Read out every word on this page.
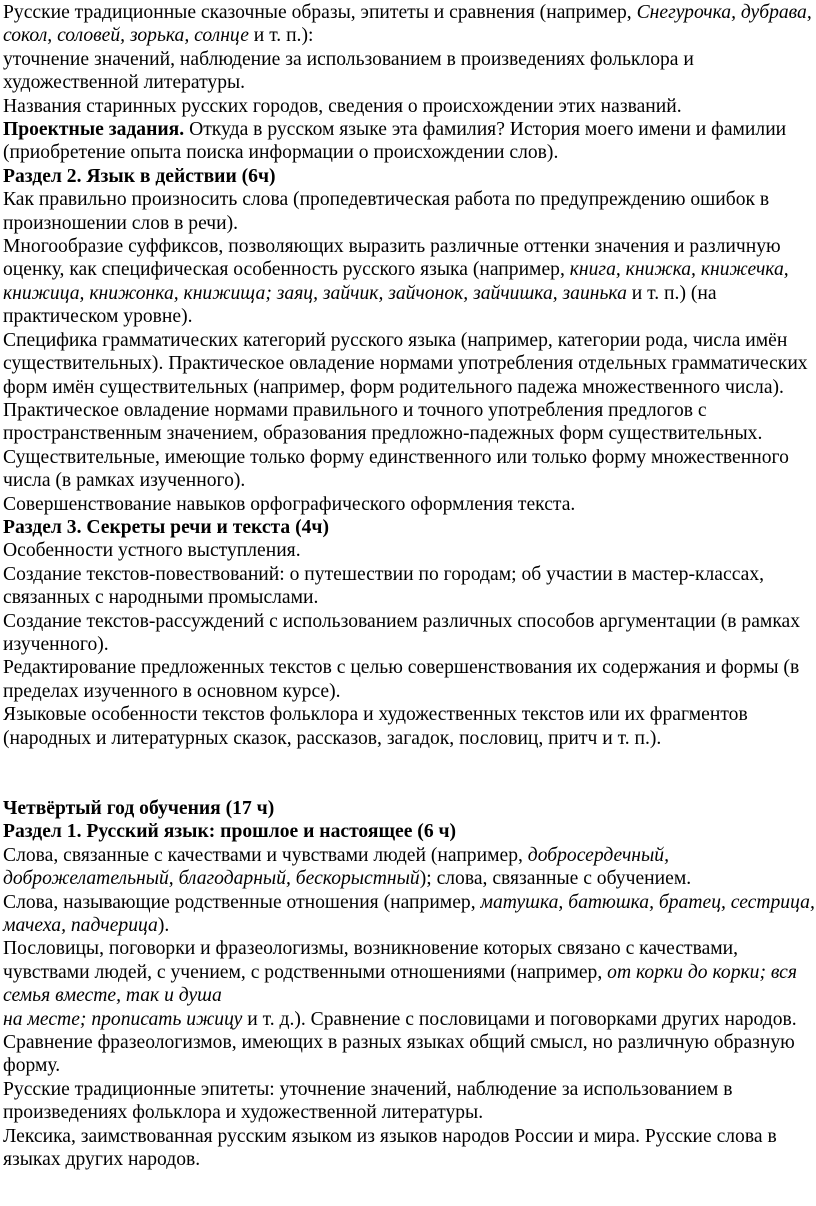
Русские традиционные сказочные образы, эпитеты и сравнения (например, Снегурочка, дубрава, сокол, соловей, зорька, солнце и т. п.):

уточнение значений, наблюдение за использованием в произведениях фольклора и художественной литературы.

Названия старинных русских городов, сведения о происхождении этих названий.

Проектные задания. Откуда в русском языке эта фамилия? История моего имени и фамилии (приобретение опыта поиска информации о происхождении слов).

Раздел 2. Язык в действии (6ч)

Как правильно произносить слова (пропедевтическая работа по предупреждению ошибок в произношении слов в речи).

Многообразие суффиксов, позволяющих выразить различные оттенки значения и различную оценку, как специфическая особенность русского языка (например, книга, книжка, книжечка, книжица, книжонка, книжища; заяц, зайчик, зайчонок, зайчишка, заинька и т. п.) (на практическом уровне).

Специфика грамматических категорий русского языка (например, категории рода, числа имён существительных). Практическое овладение нормами употребления отдельных грамматических форм имён существительных (например, форм родительного падежа множественного числа). Практическое овладение нормами правильного и точного употребления предлогов с пространственным значением, образования предложно-падежных форм существительных. Существительные, имеющие только форму единственного или только форму множественного числа (в рамках изученного).

Совершенствование навыков орфографического оформления текста.

Раздел 3. Секреты речи и текста (4ч)

Особенности устного выступления.

Создание текстов-повествований: о путешествии по городам; об участии в мастер-классах, связанных с народными промыслами.

Создание текстов-рассуждений с использованием различных способов аргументации (в рамках изученного).

Редактирование предложенных текстов с целью совершенствования их содержания и формы (в пределах изученного в основном курсе).

Языковые особенности текстов фольклора и художественных текстов или их фрагментов (народных и литературных сказок, рассказов, загадок, пословиц, притч и т. п.).

Четвёртый год обучения (17 ч)

Раздел 1. Русский язык: прошлое и настоящее (6 ч)

Слова, связанные с качествами и чувствами людей (например, добросердечный, доброжелательный, благодарный, бескорыстный); слова, связанные с обучением.

Слова, называющие родственные отношения (например, матушка, батюшка, братец, сестрица, мачеха, падчерица).

Пословицы, поговорки и фразеологизмы, возникновение которых связано с качествами, чувствами людей, с учением, с родственными отношениями (например, от корки до корки; вся семья вместе, так и душа
на месте; прописать ижицу и т. д.). Сравнение с пословицами и поговорками других народов. Сравнение фразеологизмов, имеющих в разных языках общий смысл, но различную образную форму.

Русские традиционные эпитеты: уточнение значений, наблюдение за использованием в произведениях фольклора и художественной литературы.

Лексика, заимствованная русским языком из языков народов России и мира. Русские слова в языках других народов.
